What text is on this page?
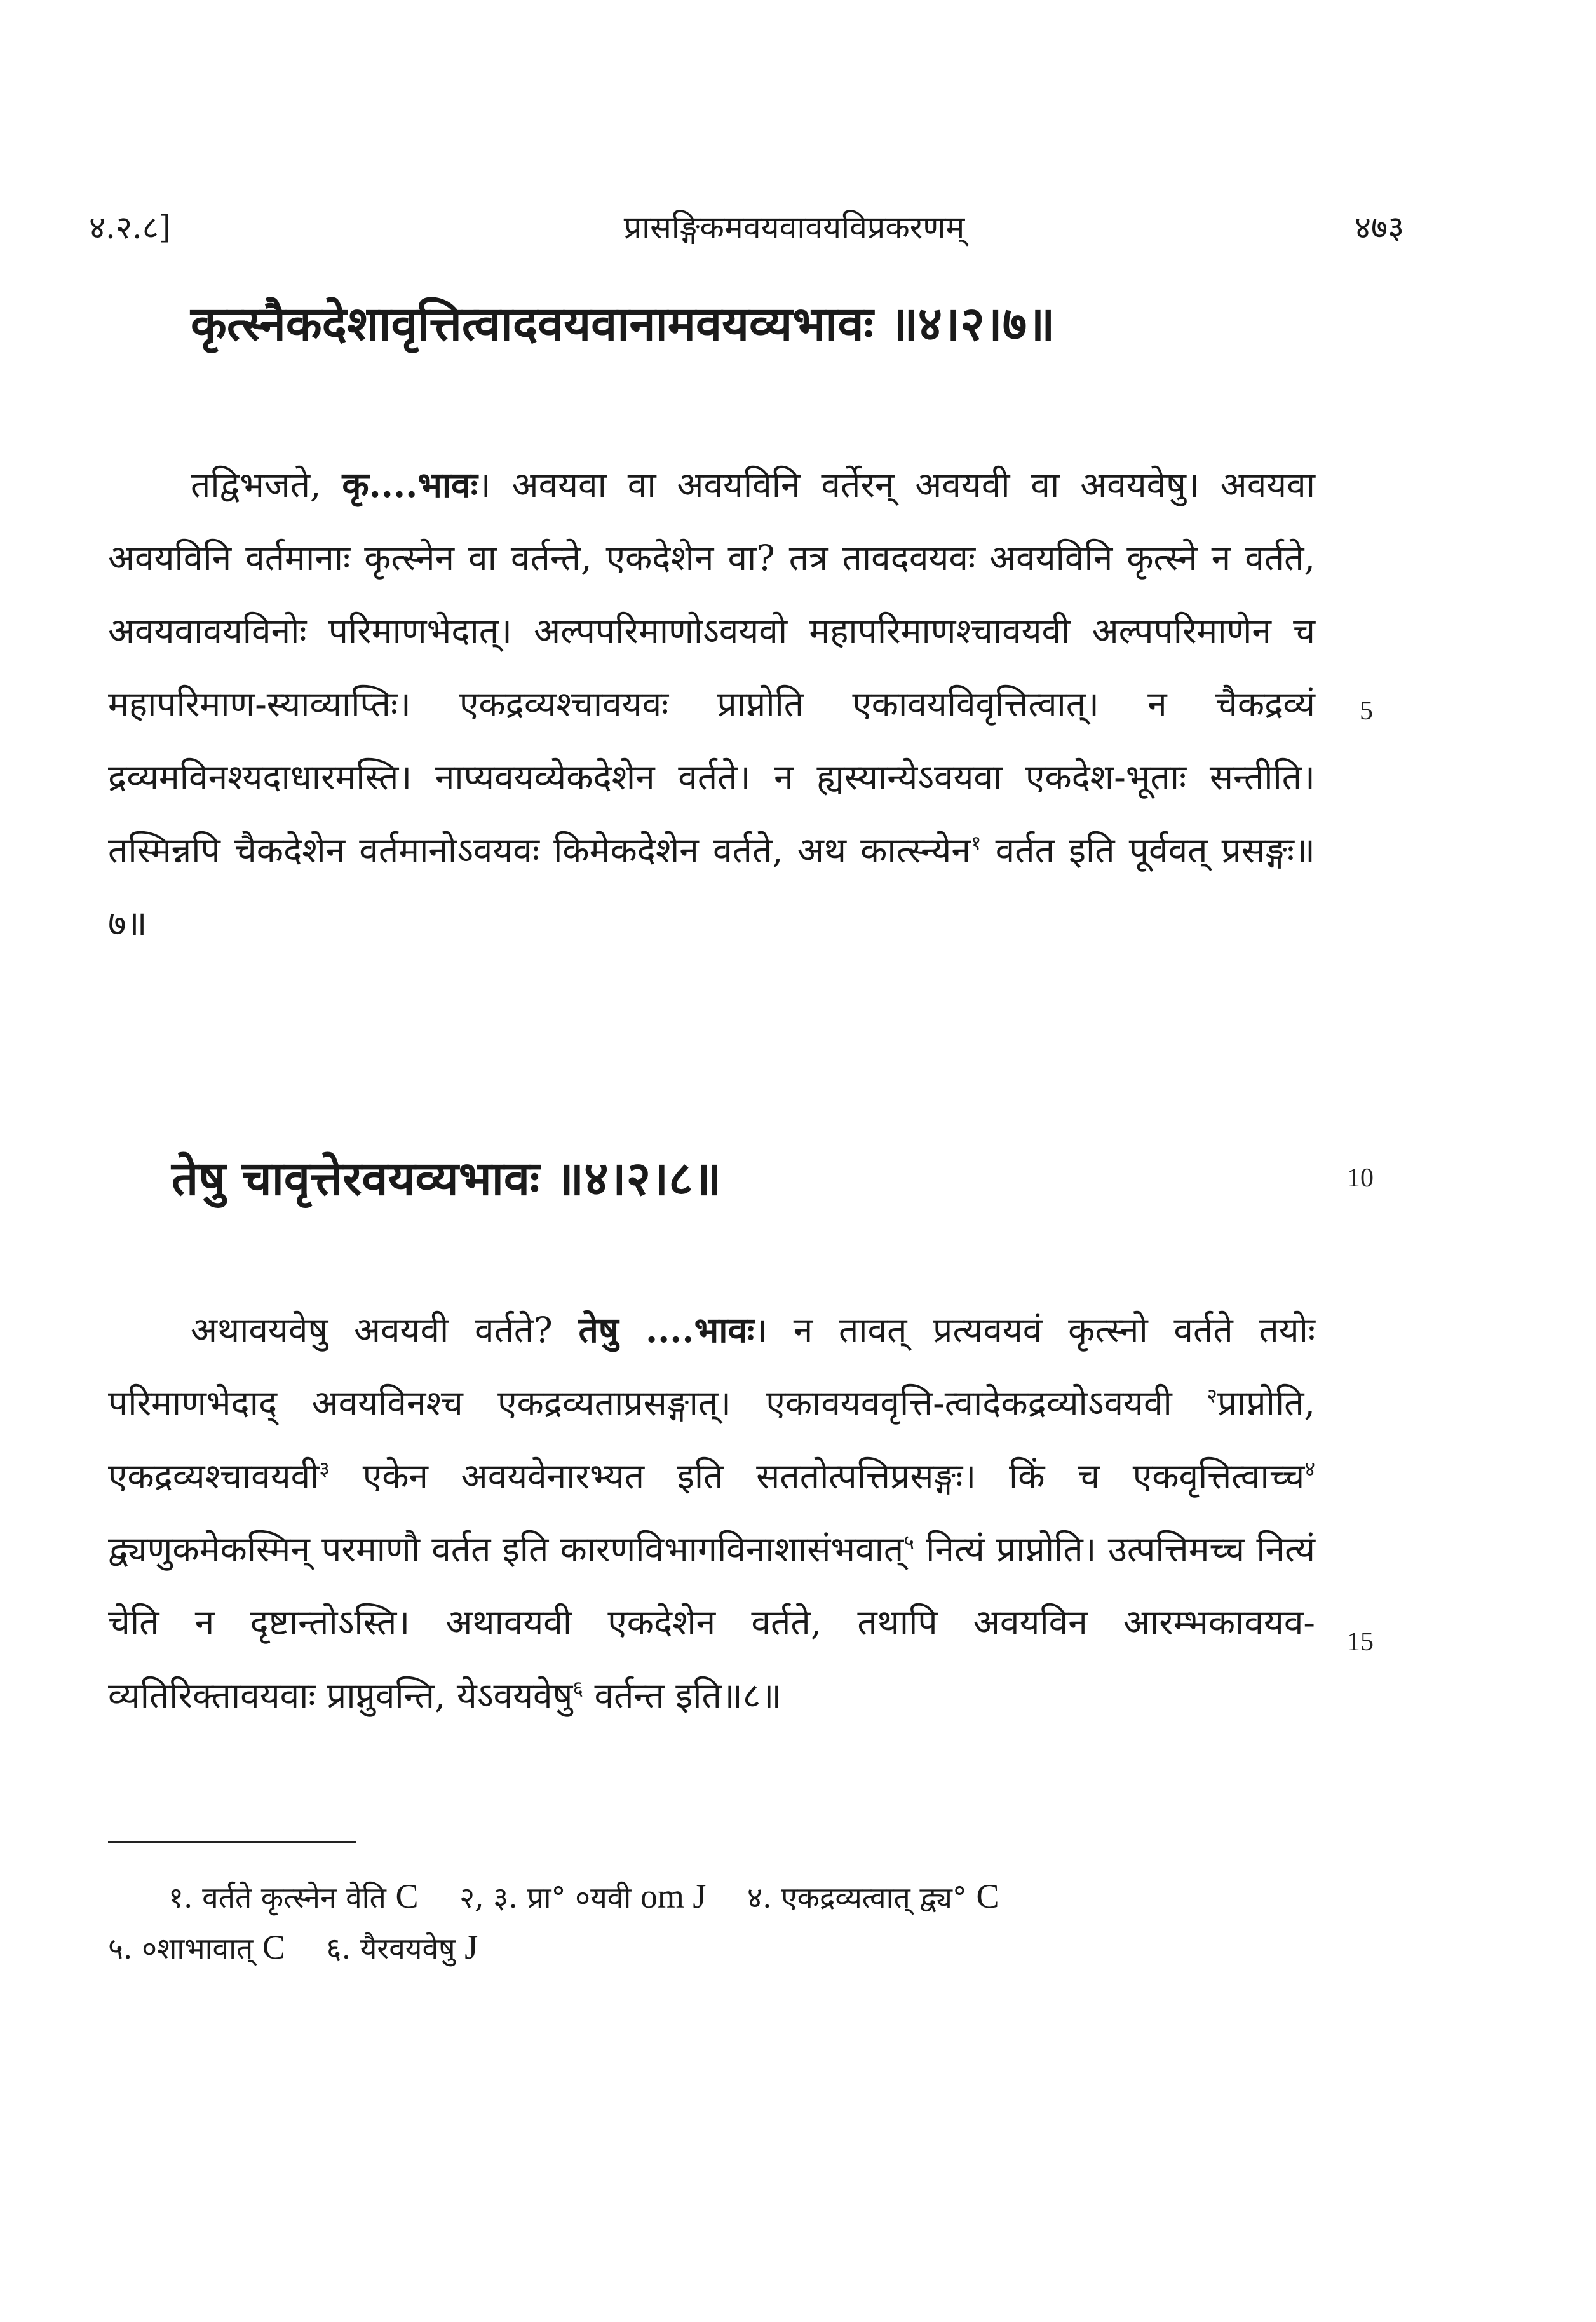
४.२.८]	प्रासङ्गिकमवयवावयविप्रकरणम्	४७३
कृत्स्नैकदेशावृत्तित्वादवयवानामवयव्यभावः ॥४।२।७॥
तद्विभजते, कृ....भावः। अवयवा वा अवयविनि वर्तेरन् अवयवी वा अवयवेषु। अवयवा अवयविनि वर्तमानाः कृत्स्नेन वा वर्तन्ते, एकदेशेन वा? तत्र तावदवयवः अवयविनि कृत्स्ने न वर्तते, अवयवावयविनोः परिमाणभेदात्। अल्पपरिमाणोऽवयवो महापरिमाणश्चावयवी अल्पपरिमाणेन च महापरिमाण-स्याव्याप्तिः। एकद्रव्यश्चावयवः प्राप्नोति एकावयविवृत्तित्वात्। न चैकद्रव्यं द्रव्यमविनश्यदाधारमस्ति। नाप्यवयव्येकदेशेन वर्तते। न ह्यस्यान्येऽवयवा एकदेश-भूताः सन्तीति। तस्मिन्नपि चैकदेशेन वर्तमानोऽवयवः किमेकदेशेन वर्तते, अथ कात्स्न्येन$^१$ वर्तत इति पूर्ववत् प्रसङ्गः॥७॥
5
तेषु चावृत्तेरवयव्यभावः ॥४।२।८॥	10
अथावयवेषु अवयवी वर्तते? तेषु ....भावः। न तावत् प्रत्यवयवं कृत्स्नो वर्तते तयोः परिमाणभेदाद् अवयविनश्च एकद्रव्यताप्रसङ्गात्। एकावयववृत्ति-त्वादेकद्रव्योऽवयवी $^२$प्राप्नोति, एकद्रव्यश्चावयवी$^३$ एकेन अवयवेनारभ्यत इति सततोत्पत्तिप्रसङ्गः। किं च एकवृत्तित्वाच्च$^४$ द्व्यणुकमेकस्मिन् परमाणौ वर्तत इति कारणविभागविनाशासंभवात्$^५$ नित्यं प्राप्नोति। उत्पत्तिमच्च नित्यं चेति न दृष्टान्तोऽस्ति। अथावयवी एकदेशेन वर्तते, तथापि अवयविन आरम्भकावयव-व्यतिरिक्तावयवाः प्राप्नुवन्ति, येऽवयवेषु$^६$ वर्तन्त इति॥८॥
15
१. वर्तते कृत्स्नेन वेति C २, ३. प्रा° ०यवी om J ४. एकद्रव्यत्वात् द्व्य° C
५. ०शाभावात् C ६. यैरवयवेषु J
